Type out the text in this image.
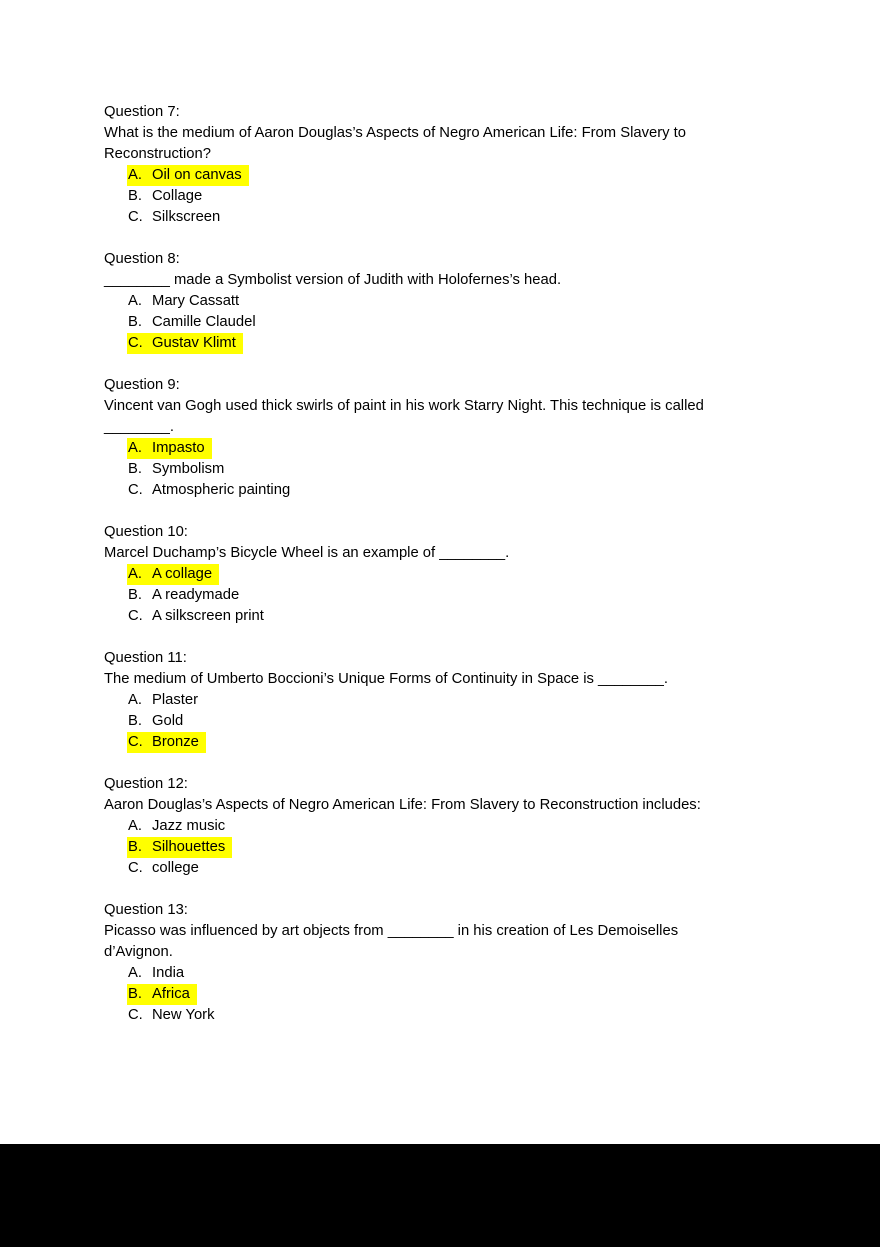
Question 7:
What is the medium of Aaron Douglas’s Aspects of Negro American Life: From Slavery to
Reconstruction?
A. Oil on canvas
B. Collage
C. Silkscreen
Question 8:
________ made a Symbolist version of Judith with Holofernes’s head.
A. Mary Cassatt
B. Camille Claudel
C. Gustav Klimt
Question 9:
Vincent van Gogh used thick swirls of paint in his work Starry Night. This technique is called
________.
A. Impasto
B. Symbolism
C. Atmospheric painting
Question 10:
Marcel Duchamp’s Bicycle Wheel is an example of ________.
A. A collage
B. A readymade
C. A silkscreen print
Question 11:
The medium of Umberto Boccioni’s Unique Forms of Continuity in Space is ________.
A. Plaster
B. Gold
C. Bronze
Question 12:
Aaron Douglas’s Aspects of Negro American Life: From Slavery to Reconstruction includes:
A. Jazz music
B. Silhouettes
C. college
Question 13:
Picasso was influenced by art objects from ________ in his creation of Les Demoiselles
d’Avignon.
A. India
B. Africa
C. New York
